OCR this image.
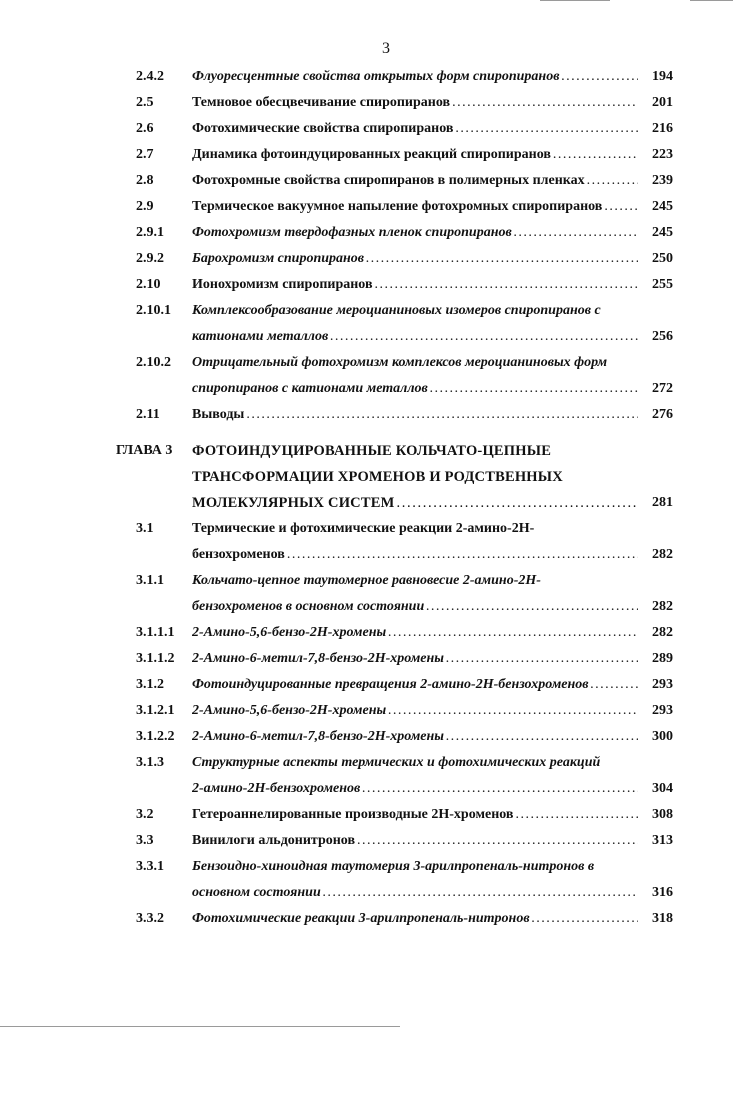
3
2.4.2 Флуоресцентные свойства открытых форм спиропиранов . . .	194
2.5	Темновое обесцвечивание спиропиранов . . .	201
2.6	Фотохимические свойства спиропиранов . . .	216
2.7	Динамика фотоиндуцированных реакций спиропиранов . . .	223
2.8	Фотохромные свойства спиропиранов в полимерных пленках . . .	239
2.9	Термическое вакуумное напыление фотохромных спиропиранов . . .	245
2.9.1 Фотохромизм твердофазных пленок спиропиранов . . .	245
2.9.2 Барохромизм спиропиранов . . .	250
2.10 Ионохромизм спиропиранов . . .	255
2.10.1 Комплексообразование мероцианиновых изомеров спиропиранов с
катионами металлов . . .	256
2.10.2 Отрицательный фотохромизм комплексов мероцианиновых форм
спиропиранов с катионами металлов . . .	272
2.11 Выводы . . .	276
ГЛАВА 3 ФОТОИНДУЦИРОВАННЫЕ КОЛЬЧАТО-ЦЕПНЫЕ
ТРАНСФОРМАЦИИ ХРОМЕНОВ И РОДСТВЕННЫХ
МОЛЕКУЛЯРНЫХ СИСТЕМ . . .	281
3.1	Термические и фотохимические реакции 2-амино-2Н-
бензохроменов . . .	282
3.1.1 Кольчато-цепное таутомерное равновесие 2-амино-2Н-
бензохроменов в основном состоянии . . .	282
3.1.1.1 2-Амино-5,6-бензо-2Н-хромены . . .	282
3.1.1.2 2-Амино-6-метил-7,8-бензо-2Н-хромены . . .	289
3.1.2 Фотоиндуцированные превращения 2-амино-2Н-бензохроменов . . .	293
3.1.2.1 2-Амино-5,6-бензо-2Н-хромены . . .	293
3.1.2.2 2-Амино-6-метил-7,8-бензо-2Н-хромены . . .	300
3.1.3 Структурные аспекты термических и фотохимических реакций
2-амино-2Н-бензохроменов . . .	304
3.2	Гетероаннелированные производные 2Н-хроменов . . .	308
3.3	Винилоги альдонитронов . . .	313
3.3.1 Бензоидно-хиноидная таутомерия 3-арилпропеналь-нитронов в
основном состоянии . . .	316
3.3.2 Фотохимические реакции 3-арилпропеналь-нитронов . . .	318
